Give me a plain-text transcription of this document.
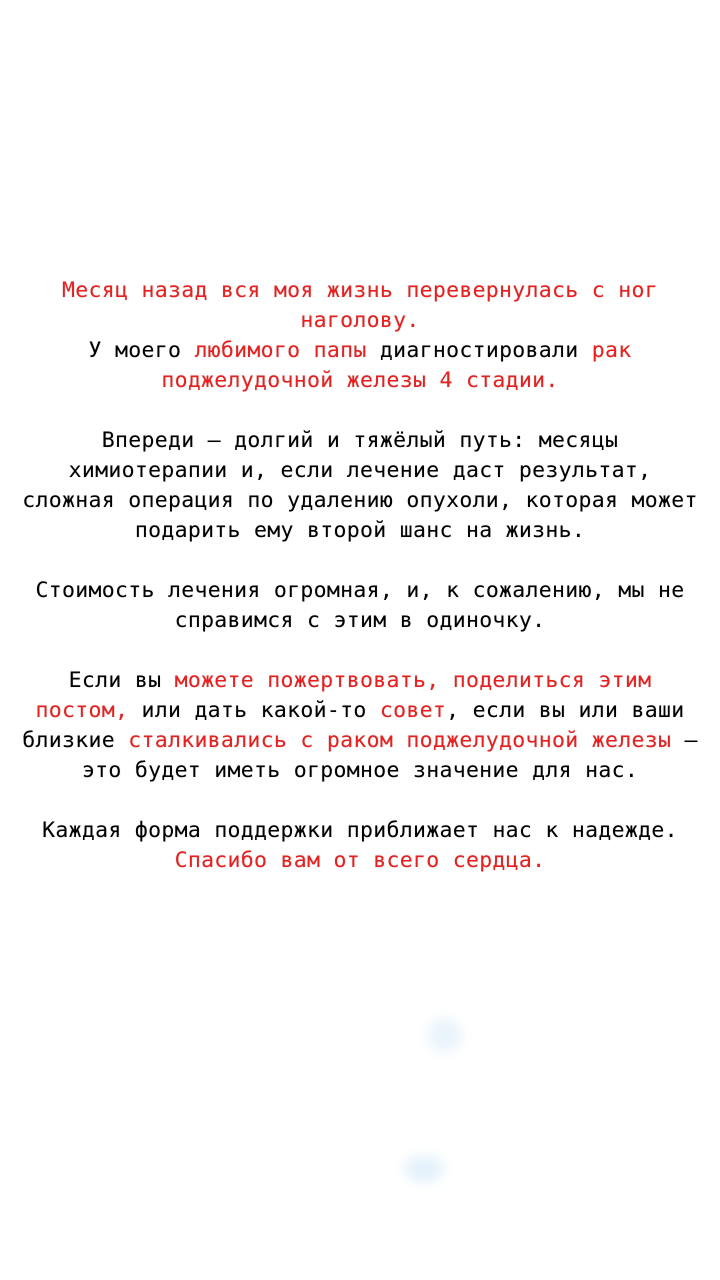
Месяц назад вся моя жизнь перевернулась с ног наголову.
У моего любимого папы диагностировали рак поджелудочной железы 4 стадии.

Впереди — долгий и тяжёлый путь: месяцы химиотерапии и, если лечение даст результат, сложная операция по удалению опухоли, которая может подарить ему второй шанс на жизнь.

Стоимость лечения огромная, и, к сожалению, мы не справимся с этим в одиночку.

Если вы можете пожертвовать, поделиться этим постом, или дать какой-то совет, если вы или ваши близкие сталкивались с раком поджелудочной железы — это будет иметь огромное значение для нас.

Каждая форма поддержки приближает нас к надежде.
Спасибо вам от всего сердца.
